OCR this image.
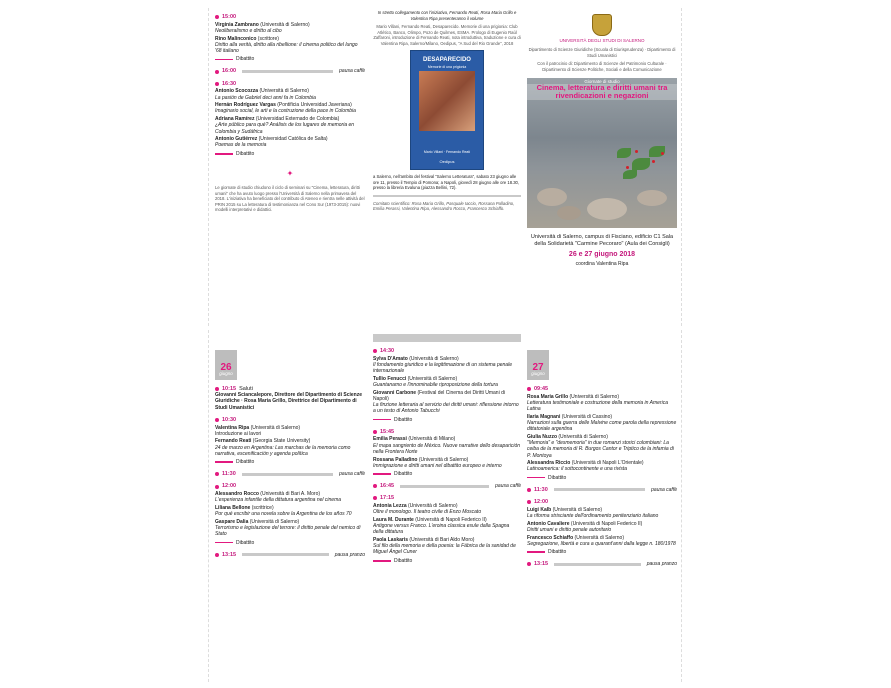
15:00
Virginia Zambrano (Università di Salerno)
Neoliberalismo e diritto al cibo
Rino Malinconico (scrittore)
Diritto alla verità, diritto alla ribellione: il cinema politico del lungo '68 italiano
Dibattito
16:00	pausa caffè
16:30
Antonio Scocozza (Università di Salerno)
La pasión de Gabriel deci anni fa in Colombia
Hernán Rodríguez Vargas (Pontificia Universidad Javeriana)
Imaginario social, le arti e la costruzione della pace in Colombia
Adriana Ramírez (Universidad Externado de Colombia)
¿Arte público para qué? Análisis de los lugares de memoria en Colombia y Sudáfrica
Antonio Gutiérrez (Universidad Católica de Salta)
Poemas de la memoria
Dibattito
✦
Le giornate di studio chiudono il ciclo di seminari su "Cinema, letteratura, diritti umani" che ha avuto luogo presso l'Università di Salerno nella primavera del 2018. L'iniziativa ha beneficiato del contributo di Ateneo e rientra nelle attività del PRIN 2015 su La letteratura di testimonianza nel Cono Sur (1973-2015): nuovi modelli interpretativi e didattici.
In stretto collegamento con l'iniziativa, Fernando Reati, Rosa Maria Grillo e Valentina Ripa presenteranno il volume
Mario Villani, Fernando Reati, Desaparecido. Memorie di una prigionia: Club Atlético, Banco, Olimpo, Pozo de Quilmes, ESMA. Prologo di Eugenio Raúl Zaffaroni, introduzione di Fernando Reati, nota introduttiva, traduzione e cura di Valentina Ripa, Salerno/Milano, Oedipus, "A Sud del Rio Grande", 2018
DESAPARECIDO
Memorie di una prigionia
Mario Villani · Fernando Reati
Oedipus
a Salerno, nell'ambito del festival "Salerno Letteratura", sabato 23 giugno alle ore 11, presso il Tempio di Pomona; a Napoli, giovedì 28 giugno alle ore 18.30, presso la libreria Evaluna (piazza Bellini, 72).
Comitato scientifico: Rosa Maria Grillo, Pasquale Iaccio, Rossana Palladino, Emilia Perassi, Valentina Ripa, Alessandro Rocco, Francesco Schiaffo.
UNIVERSITÀ DEGLI STUDI DI SALERNO
Dipartimento di Scienze Giuridiche (Scuola di Giurisprudenza) · Dipartimento di Studi Umanistici
Con il patrocinio di: Dipartimento di Scienze del Patrimonio Culturale · Dipartimento di Scienze Politiche, Sociali e della Comunicazione
Giornate di studio
Cinema, letteratura e diritti umani tra rivendicazioni e negazioni
Università di Salerno, campus di Fisciano, edificio C1 Sala della Solidarietà "Carmine Pecoraro" (Aula dei Consigli)
26 e 27 giugno 2018
coordina Valentina Ripa
26
giugno
10:15 Saluti
Giovanni Sciancalepore, Direttore del Dipartimento di Scienze Giuridiche · Rosa Maria Grillo, Direttrice del Dipartimento di Studi Umanistici
10:30
Valentina Ripa (Università di Salerno)
Introduzione ai lavori
Fernando Reati (Georgia State University)
24 de marzo en Argentina: Las marchas de la memoria como narrativa, escenificación y agenda política
Dibattito
11:30	pausa caffè
12:00
Alessandro Rocco (Università di Bari A. Moro)
L'esperienza infantile della dittatura argentina nel cinema
Liliana Bellone (scrittrice)
Por qué escribir una novela sobre la Argentina de los años 70
Gaspare Dalia (Università di Salerno)
Terrorismo e legislazione del terrore: il diritto penale del nemico di Stato
Dibattito
13:15	pausa pranzo
14:30
Sylva D'Amato (Università di Salerno)
Il fondamento giuridico e la legittimazione di un sistema penale internazionale
Tullio Fenucci (Università di Salerno)
Guantanamo e l'innominabile riproposizione della tortura
Giovanni Carbone (Festival del Cinema dei Diritti Umani di Napoli)
La finzione letteraria al servizio dei diritti umani: riflessione intorno a un testo di Antonio Tabucchi
Dibattito
15:45
Emilia Perassi (Università di Milano)
El mapa sangriento de México. Nuove narrative dello desaparición nella Frontera Norte
Rossana Palladino (Università di Salerno)
Immigrazione e diritti umani nel dibattito europeo e interno
Dibattito
16:45	pausa caffè
17:15
Antonia Lezza (Università di Salerno)
Oltre il monologo. Il teatro civile di Enzo Moscato
Laura M. Durante (Università di Napoli Federico II)
Antigone versus Franco. L'eroina classica esule dalla Spagna della dittatura
Paola Laskaris (Università di Bari Aldo Moro)
Sul filo della memoria e della poesia: la Fábrica de la sanidad de Miguel Ángel Cuner
Dibattito
27
giugno
09:45
Rosa Maria Grillo (Università di Salerno)
Letteratura testimoniale e costruzione della memoria in America Latina
Ilaria Magnani (Università di Cassino)
Narrazioni sulla guerra delle Malvine come parola della repressione dittatoriale argentina
Giulia Nuzzo (Università di Salerno)
"Memoria" e "desmemoria" in due romanzi storici colombiani: La ceiba de la memoria di R. Burgos Cantor e Triptico de la infamia di P. Montoya
Alessandra Riccio (Università di Napoli L'Orientale)
Latinoamerica: il sottocontinente e una rivista
Dibattito
11:30	pausa caffè
12:00
Luigi Kalb (Università di Salerno)
La riforma strisciante dell'ordinamento penitenziario italiano
Antonio Cavaliere (Università di Napoli Federico II)
Diritti umani e diritto penale autoritario
Francesco Schiaffo (Università di Salerno)
Segregazione, libertà e cura a quarant'anni dalla legge n. 180/1978
Dibattito
13:15	pausa pranzo
